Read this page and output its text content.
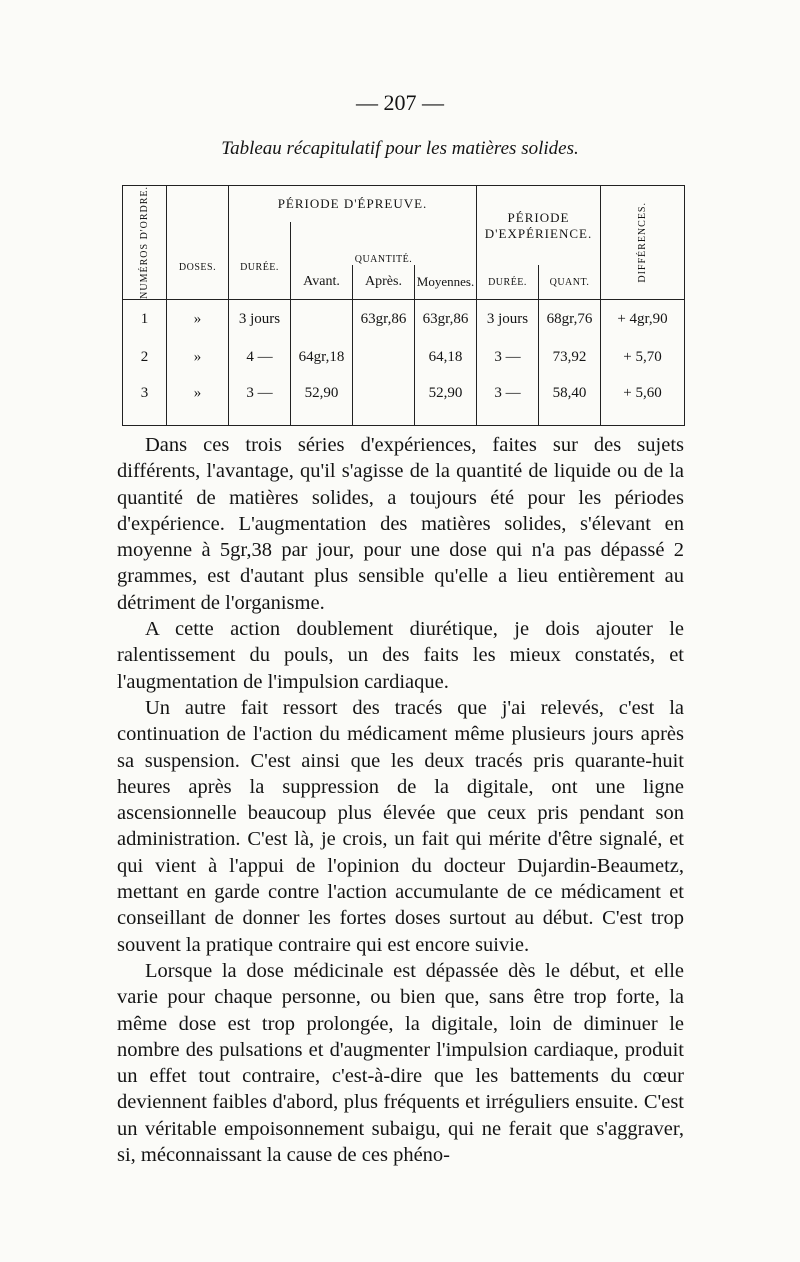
— 207 —
Tableau récapitulatif pour les matières solides.
NUMÉROS D'ORDRE.	DOSES.	PÉRIODE D'ÉPREUVE.				PÉRIODE D'EXPÉRIENCE.		DIFFÉRENCES.

		DURÉE.	QUANTITÉ.					
			Avant.	Après.	Moyennes.	DURÉE.	QUANT.	
1	»	3 jours		63gr,86	63gr,86	3 jours	68gr,76	+ 4gr,90
2	»	4 —	64gr,18		64,18	3 —	73,92	+ 5,70
3	»	3 —	52,90		52,90	3 —	58,40	+ 5,60

Dans ces trois séries d'expériences, faites sur des sujets différents, l'avantage, qu'il s'agisse de la quantité de liquide ou de la quantité de matières solides, a toujours été pour les périodes d'expérience. L'augmentation des matières solides, s'élevant en moyenne à 5gr,38 par jour, pour une dose qui n'a pas dépassé 2 grammes, est d'autant plus sensible qu'elle a lieu entièrement au détriment de l'organisme.

A cette action doublement diurétique, je dois ajouter le ralentissement du pouls, un des faits les mieux constatés, et l'augmentation de l'impulsion cardiaque.

Un autre fait ressort des tracés que j'ai relevés, c'est la continuation de l'action du médicament même plusieurs jours après sa suspension. C'est ainsi que les deux tracés pris quarante-huit heures après la suppression de la digitale, ont une ligne ascensionnelle beaucoup plus élevée que ceux pris pendant son administration. C'est là, je crois, un fait qui mérite d'être signalé, et qui vient à l'appui de l'opinion du docteur Dujardin-Beaumetz, mettant en garde contre l'action accumulante de ce médicament et conseillant de donner les fortes doses surtout au début. C'est trop souvent la pratique contraire qui est encore suivie.

Lorsque la dose médicinale est dépassée dès le début, et elle varie pour chaque personne, ou bien que, sans être trop forte, la même dose est trop prolongée, la digitale, loin de diminuer le nombre des pulsations et d'augmenter l'impulsion cardiaque, produit un effet tout contraire, c'est-à-dire que les battements du cœur deviennent faibles d'abord, plus fréquents et irréguliers ensuite. C'est un véritable empoisonnement subaigu, qui ne ferait que s'aggraver, si, méconnaissant la cause de ces phéno-
